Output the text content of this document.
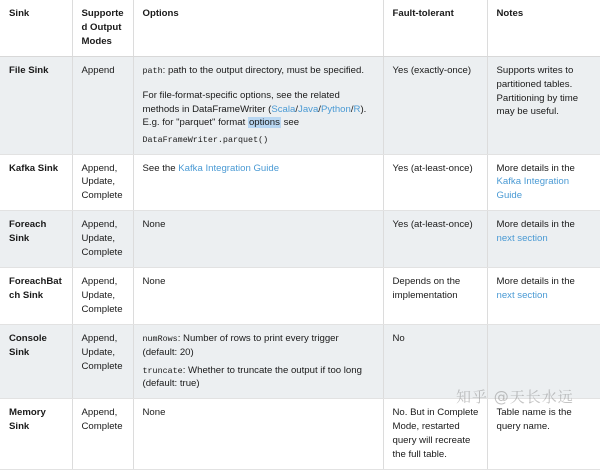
Sink	Supported Output Modes	Options	Fault-tolerant	Notes
File Sink	Append	path: path to the output directory, must be specified.

For file-format-specific options, see the related methods in DataFrameWriter (Scala/Java/Python/R). E.g. for "parquet" format options see

DataFrameWriter.parquet()	Yes (exactly-once)	Supports writes to partitioned tables. Partitioning by time may be useful.
Kafka Sink	Append, Update, Complete	See the Kafka Integration Guide	Yes (at-least-once)	More details in the Kafka Integration Guide
Foreach Sink	Append, Update, Complete	None	Yes (at-least-once)	More details in the next section
ForeachBatch Sink	Append, Update, Complete	None	Depends on the implementation	More details in the next section
Console Sink	Append, Update, Complete	numRows: Number of rows to print every trigger (default: 20)

truncate: Whether to truncate the output if too long (default: true)	No	
Memory Sink	Append, Complete	None	No. But in Complete Mode, restarted query will recreate the full table.	Table name is the query name.
知乎 @天长水远
